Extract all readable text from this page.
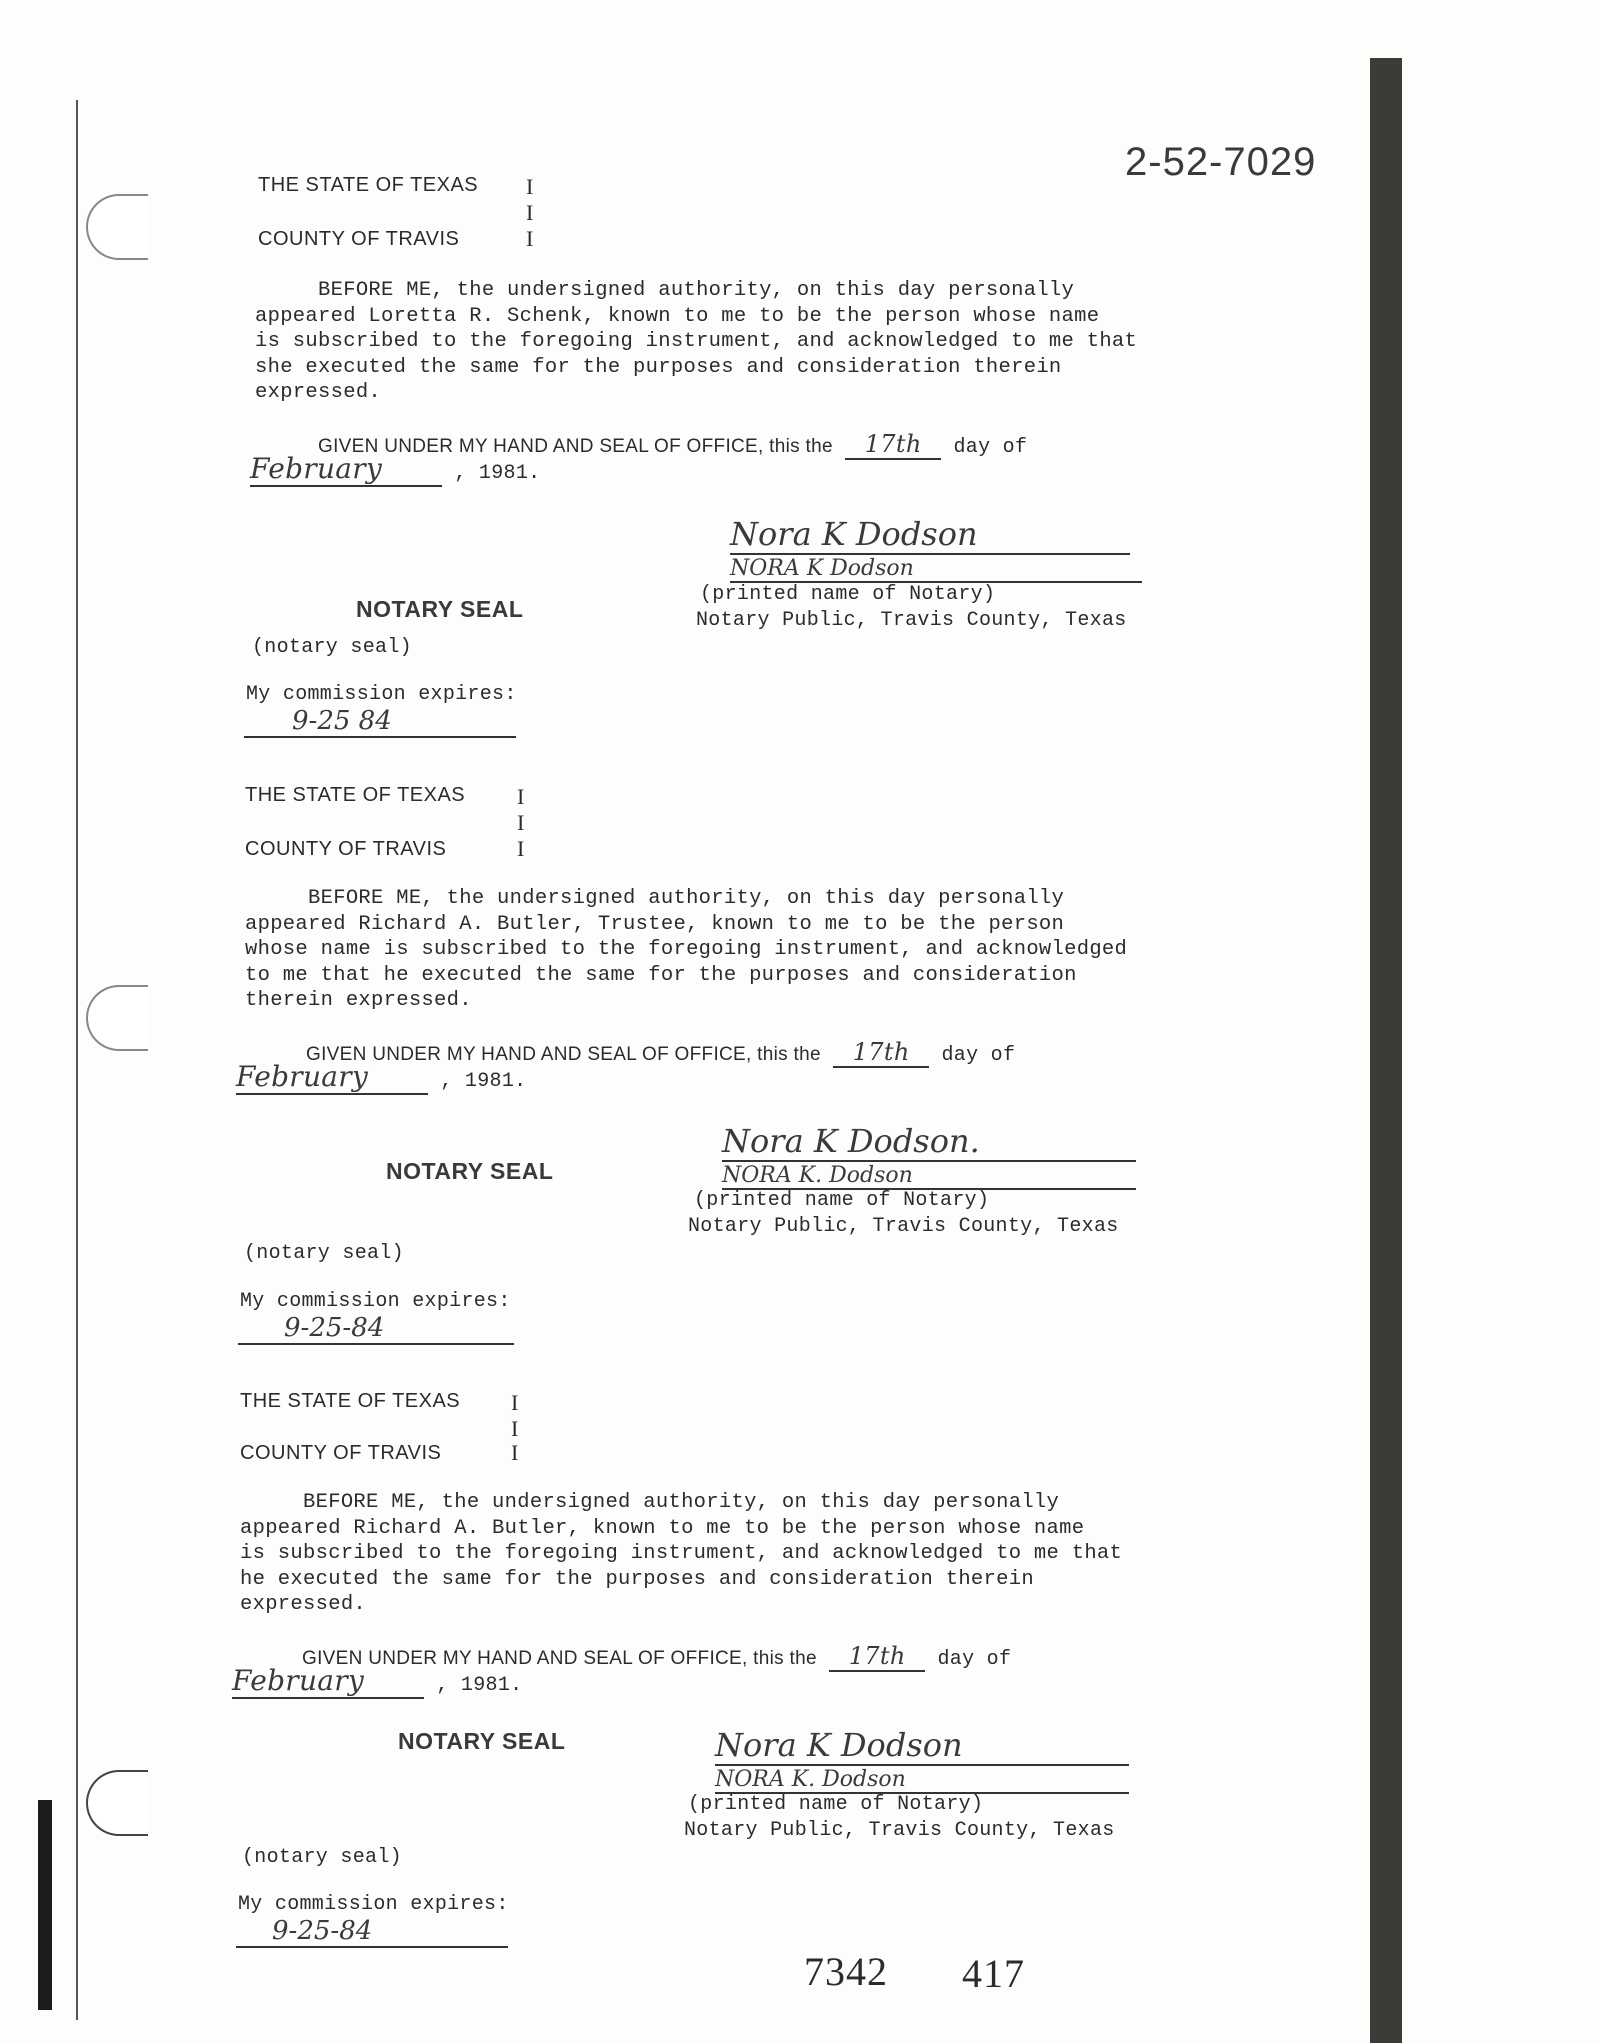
2-52-7029
THE STATE OF TEXAS I
I
COUNTY OF TRAVIS	I
BEFORE ME, the undersigned authority, on this day personally
appeared Loretta R. Schenk, known to me to be the person whose name
is subscribed to the foregoing instrument, and acknowledged to me that
she executed the same for the purposes and consideration therein
expressed.
GIVEN UNDER MY HAND AND SEAL OF OFFICE, this the 17th day of
February	, 1981.
Nora K Dodson
NORA K Dodson
(printed name of Notary)
Notary Public, Travis County, Texas
NOTARY SEAL
(notary seal)
My commission expires:
9-25 84
THE STATE OF TEXAS I
I
COUNTY OF TRAVIS	I
BEFORE ME, the undersigned authority, on this day personally
appeared Richard A. Butler, Trustee, known to me to be the person
whose name is subscribed to the foregoing instrument, and acknowledged
to me that he executed the same for the purposes and consideration
therein expressed.
GIVEN UNDER MY HAND AND SEAL OF OFFICE, this the 17th day of
February	, 1981.
Nora K Dodson.
NORA K. Dodson
(printed name of Notary)
Notary Public, Travis County, Texas
NOTARY SEAL
(notary seal)
My commission expires:
9-25-84
THE STATE OF TEXAS I
I
COUNTY OF TRAVIS	I
BEFORE ME, the undersigned authority, on this day personally
appeared Richard A. Butler, known to me to be the person whose name
is subscribed to the foregoing instrument, and acknowledged to me that
he executed the same for the purposes and consideration therein
expressed.
GIVEN UNDER MY HAND AND SEAL OF OFFICE, this the 17th day of
February	, 1981.
Nora K Dodson
NORA K. Dodson
(printed name of Notary)
Notary Public, Travis County, Texas
NOTARY SEAL
(notary seal)
My commission expires:
9-25-84
7342 417
